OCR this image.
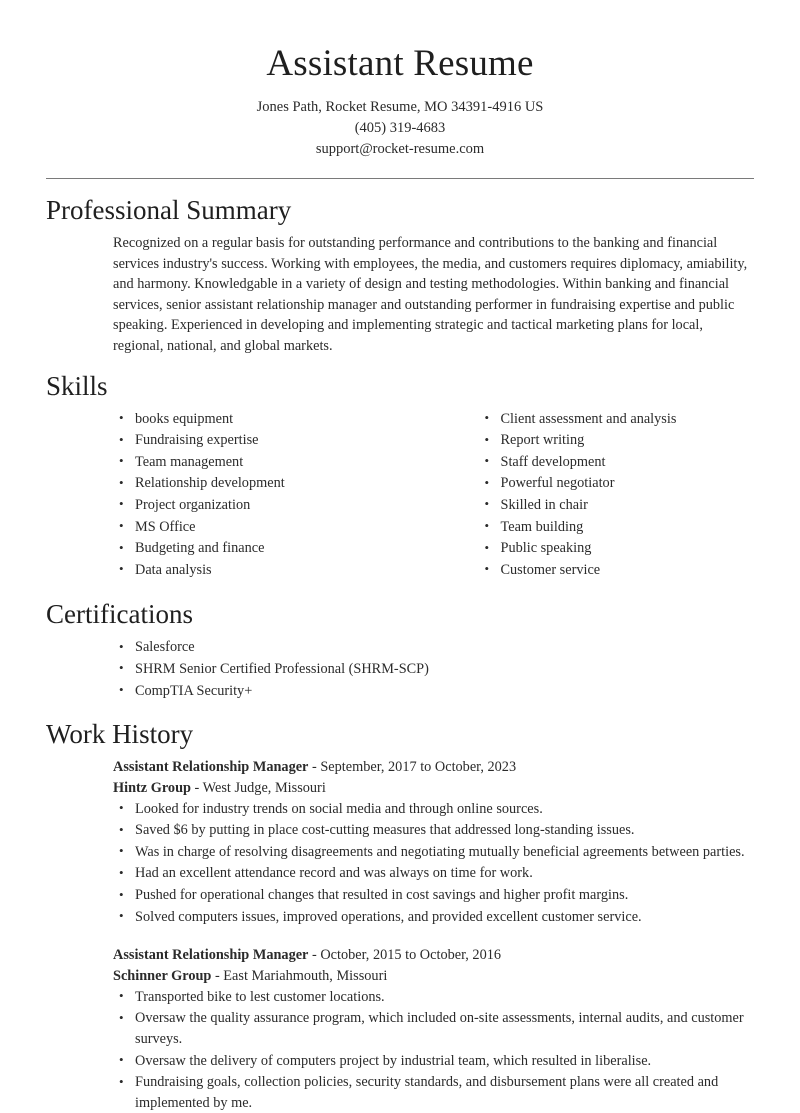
Assistant Resume
Jones Path, Rocket Resume, MO 34391-4916 US
(405) 319-4683
support@rocket-resume.com
Professional Summary

Recognized on a regular basis for outstanding performance and contributions to the banking and financial services industry's success. Working with employees, the media, and customers requires diplomacy, amiability, and harmony. Knowledgable in a variety of design and testing methodologies. Within banking and financial services, senior assistant relationship manager and outstanding performer in fundraising expertise and public speaking. Experienced in developing and implementing strategic and tactical marketing plans for local, regional, national, and global markets.

Skills
• books equipment
• Fundraising expertise
• Team management
• Relationship development
• Project organization
• MS Office
• Budgeting and finance
• Data analysis
• Client assessment and analysis
• Report writing
• Staff development
• Powerful negotiator
• Skilled in chair
• Team building
• Public speaking
• Customer service
Certifications
• Salesforce
• SHRM Senior Certified Professional (SHRM-SCP)
• CompTIA Security+
Work History
Assistant Relationship Manager - September, 2017 to October, 2023
Hintz Group - West Judge, Missouri
• Looked for industry trends on social media and through online sources.
• Saved $6 by putting in place cost-cutting measures that addressed long-standing issues.
• Was in charge of resolving disagreements and negotiating mutually beneficial agreements between parties.
• Had an excellent attendance record and was always on time for work.
• Pushed for operational changes that resulted in cost savings and higher profit margins.
• Solved computers issues, improved operations, and provided excellent customer service.
Assistant Relationship Manager - October, 2015 to October, 2016
Schinner Group - East Mariahmouth, Missouri
• Transported bike to lest customer locations.
• Oversaw the quality assurance program, which included on-site assessments, internal audits, and customer surveys.
• Oversaw the delivery of computers project by industrial team, which resulted in liberalise.
• Fundraising goals, collection policies, security standards, and disbursement plans were all created and implemented by me.
